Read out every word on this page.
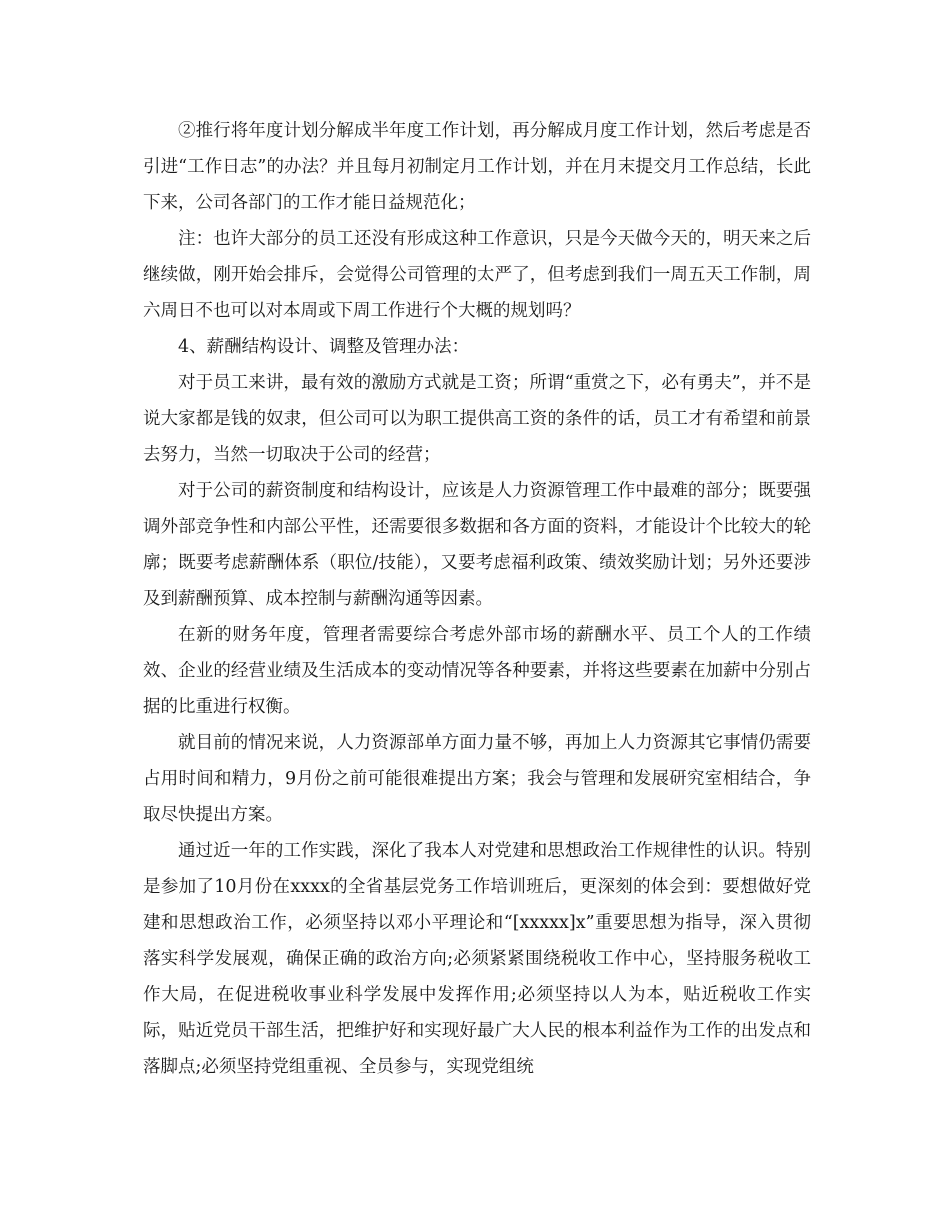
②推行将年度计划分解成半年度工作计划，再分解成月度工作计划，然后考虑是否引进“工作日志”的办法？并且每月初制定月工作计划，并在月末提交月工作总结，长此下来，公司各部门的工作才能日益规范化；

注：也许大部分的员工还没有形成这种工作意识，只是今天做今天的，明天来之后继续做，刚开始会排斥，会觉得公司管理的太严了，但考虑到我们一周五天工作制，周六周日不也可以对本周或下周工作进行个大概的规划吗？

4、薪酬结构设计、调整及管理办法：

对于员工来讲，最有效的激励方式就是工资；所谓“重赏之下，必有勇夫”，并不是说大家都是钱的奴隶，但公司可以为职工提供高工资的条件的话，员工才有希望和前景去努力，当然一切取决于公司的经营；

对于公司的薪资制度和结构设计，应该是人力资源管理工作中最难的部分；既要强调外部竞争性和内部公平性，还需要很多数据和各方面的资料，才能设计个比较大的轮廓；既要考虑薪酬体系（职位/技能），又要考虑福利政策、绩效奖励计划；另外还要涉及到薪酬预算、成本控制与薪酬沟通等因素。

在新的财务年度，管理者需要综合考虑外部市场的薪酬水平、员工个人的工作绩效、企业的经营业绩及生活成本的变动情况等各种要素，并将这些要素在加薪中分别占据的比重进行权衡。

就目前的情况来说，人力资源部单方面力量不够，再加上人力资源其它事情仍需要占用时间和精力，9月份之前可能很难提出方案；我会与管理和发展研究室相结合，争取尽快提出方案。

通过近一年的工作实践，深化了我本人对党建和思想政治工作规律性的认识。特别是参加了10月份在xxxx的全省基层党务工作培训班后，更深刻的体会到：要想做好党建和思想政治工作，必须坚持以邓小平理论和“[xxxxx]x”重要思想为指导，深入贯彻落实科学发展观，确保正确的政治方向;必须紧紧围绕税收工作中心，坚持服务税收工作大局，在促进税收事业科学发展中发挥作用;必须坚持以人为本，贴近税收工作实际，贴近党员干部生活，把维护好和实现好最广大人民的根本利益作为工作的出发点和落脚点;必须坚持党组重视、全员参与，实现党组统
